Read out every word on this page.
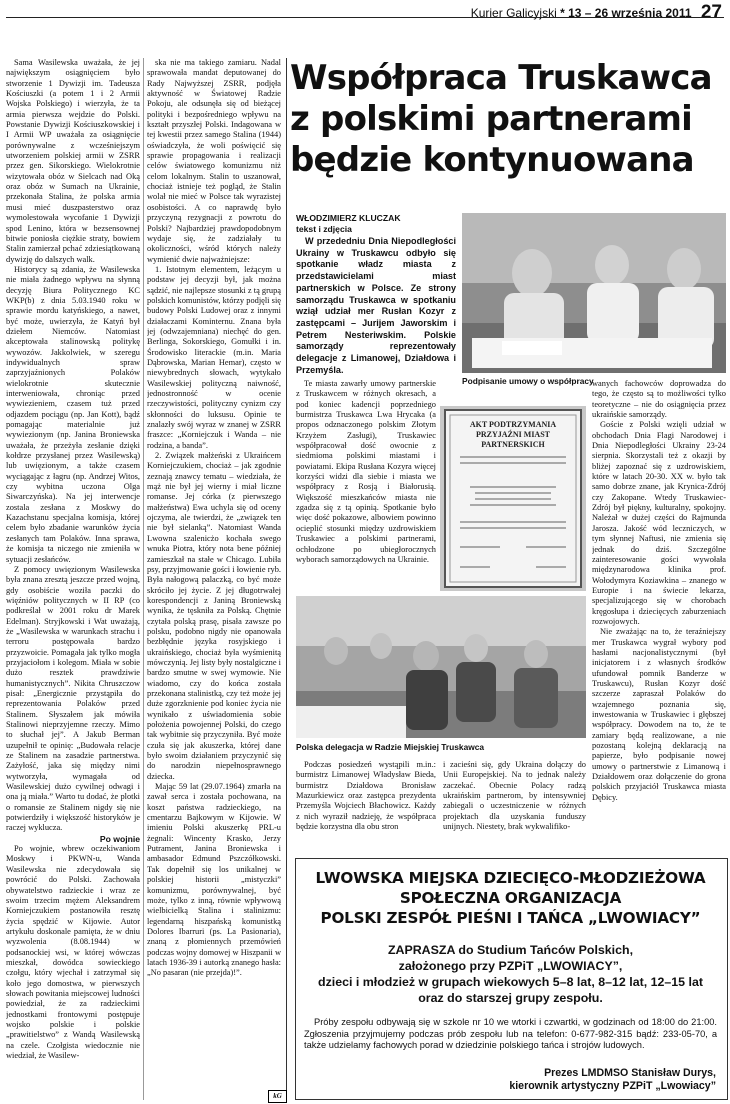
Kurier Galicyjski * 13 – 26 września 2011 27

Sama Wasilewska uważała, że jej największym osiągnięciem było stworzenie 1 Dywizji im. Tadeusza Kościuszki (a potem 1 i 2 Armii Wojska Polskiego) i wierzyła, że ta armia pierwsza wejdzie do Polski. Powstanie Dywizji Kościuszkowskiej i I Armii WP uważała za osiągnięcie porównywalne z wcześniejszym utworzeniem polskiej armii w ZSRR przez gen. Sikorskiego. Wielokrotnie wizytowała obóz w Sielcach nad Oką oraz obóz w Sumach na Ukrainie, przekonała Stalina, że polska armia musi mieć duszpasterstwo oraz wymolestowała wycofanie 1 Dywizji spod Lenino, która w bezsensownej bitwie poniosła ciężkie straty, bowiem Stalin zamierzał pchać zdziesiątkowaną dywizję do dalszych walk.

Historycy są zdania, że Wasilewska nie miała żadnego wpływu na słynną decyzję Biura Politycznego KC WKP(b) z dnia 5.03.1940 roku w sprawie mordu katyńskiego, a nawet, być może, uwierzyła, że Katyń był dziełem Niemców. Natomiast akceptowała stalinowską politykę wywozów. Jakkolwiek, w szeregu indywidualnych spraw zaprzyjaźnionych Polaków wielokrotnie skutecznie interweniowała, chroniąc przed wywiezieniem, czasem tuż przed odjazdem pociągu (np. Jan Kott), bądź pomagając materialnie już wywiezionym (np. Janina Broniewska uważała, że przeżyła zesłanie dzięki kołdrze przysłanej przez Wasilewską) lub uwięzionym, a także czasem wyciągając z łagru (np. Andrzej Witos, czy wybitna uczona Olga Siwarczyńska). Na jej interwencje zostala zesłana z Moskwy do Kazachstanu specjalna komisja, której celem było zbadanie warunków życia zesłanych tam Polaków. Inna sprawa, że komisja ta niczego nie zmieniła w sytuacji zesłańców.

Z pomocy uwięzionym Wasilewska była znana zresztą jeszcze przed wojną, gdy osobiście woziła paczki do więźniów politycznych w II RP (co podkreślał w 2001 roku dr Marek Edelman). Stryjkowski i Wat uważają, że „Wasilewska w warunkach strachu i terroru postępowała bardzo przyzwoicie. Pomagała jak tylko mogła przyjaciołom i kolegom. Miała w sobie dużo resztek prawdziwie humanistycznych”. Nikita Chruszczow pisał: „Energicznie przystąpiła do reprezentowania Polaków przed Stalinem. Słyszałem jak mówiła Stalinowi nieprzyjemne rzeczy. Mimo to słuchał jej”. A Jakub Berman uzupełnił te opinię: „Budowała relacje ze Stalinem na zasadzie partnerstwa. Zażyłość, jaka się między nimi wytworzyła, wymagała od Wasilewskiej dużo cywilnej odwagi i ona ją miała.” Warto tu dodać, że plotki o romansie ze Stalinem nigdy się nie potwierdziły i większość historyków je raczej wyklucza.

Po wojnie

Po wojnie, wbrew oczekiwaniom Moskwy i PKWN-u, Wanda Wasilewska nie zdecydowała się powrócić do Polski. Zachowała obywatelstwo radzieckie i wraz ze swoim trzecim mężem Aleksandrem Korniejczukiem postanowiła resztę życia spędzić w Kijowie. Autor artykułu doskonale pamięta, że w dniu wyzwolenia (8.08.1944) w podsanockiej wsi, w której wówczas mieszkał, dowódca sowieckiego czołgu, który wjechał i zatrzymał się koło jego domostwa, w pierwszych słowach powitania miejscowej ludności powiedział, że za radzieckimi jednostkami frontowymi postępuje wojsko polskie i polskie „prawitielstwo” z Wandą Wasilewską na czele. Czołgista wiedocznie nie wiedział, że Wasilew-

ska nie ma takiego zamiaru. Nadal sprawowała mandat deputowanej do Rady Najwyższej ZSRR, podjęła aktywność w Światowej Radzie Pokoju, ale odsunęła się od bieżącej polityki i bezpośredniego wpływu na kształt przyszłej Polski. Indagowana w tej kwestii przez samego Stalina (1944) oświadczyła, że woli poświęcić się sprawie propagowania i realizacji celów światowego komunizmu niż celom lokalnym. Stalin to uszanował, chociaż istnieje też pogląd, że Stalin wolał nie mieć w Polsce tak wyrazistej osobistości. A co naprawdę było przyczyną rezygnacji z powrotu do Polski? Najbardziej prawdopodobnym wydaje się, że zadziałały tu okoliczności, wśród których należy wymienić dwie najważniejsze:

1. Istotnym elementem, leżącym u podstaw jej decyzji był, jak można sądzić, nie najlepsze stosunki z tą grupą polskich komunistów, którzy podjęli się budowy Polski Ludowej oraz z innymi działaczami Kominternu. Znana była jej (odwzajemniana) niechęć do gen. Berlinga, Sokorskiego, Gomułki i in. Środowisko literackie (m.in. Maria Dąbrowska, Marian Hemar), często w niewybrednych słowach, wytykało Wasilewskiej polityczną naiwność, jednostronność w ocenie rzeczywistości, polityczny cynizm czy skłonności do luksusu. Opinie te znalazły swój wyraz w znanej w ZSRR fraszce: „Korniejczuk i Wanda – nie rodzina, a banda”.

2. Związek małżeński z Ukraińcem Korniejczukiem, chociaż – jak zgodnie zeznają znawcy tematu – wiedziała, że mąż nie był jej wierny i miał liczne romanse. Jej córka (z pierwszego małżeństwa) Ewa uchyla się od oceny ojczyma, ale twierdzi, że „związek ten nie był sielanką”. Natomiast Wanda Lwowna szalenicżo kochała swego wnuka Piotra, który nota bene później zamieszkał na stałe w Chicago. Lubiła psy, przyjmowanie gości i łowienie ryb. Była nałogową palaczką, co być może skróciło jej życie. Z jej długotrwałej korespondencji z Janiną Broniewską wynika, że tęskniła za Polską. Chętnie czytała polską prasę, pisała zawsze po polsku, podobno nigdy nie opanowała bezbłędnie języka rosyjskiego i ukraińskiego, chociaż była wyśmienitą mówczynią. Jej listy były nostalgiczne i bardzo smutne w swej wymowie. Nie wiadomo, czy do końca została przekonana stalinistką, czy też może jej duże zgorzknienie pod koniec życia nie wynikało z uświadomienia sobie położenia powojennej Polski, do czego tak wybitnie się przyczyniła. Być może czuła się jak akuszerka, której dane było swoim działaniem przyczynić się do narodzin niepełnosprawnego dziecka.

Mając 59 lat (29.07.1964) zmarła na zawał serca i została pochowana, na koszt państwa radzieckiego, na cmentarzu Bajkowym w Kijowie. W imieniu Polski akuszerkę PRL-u żegnali: Wincenty Krasko, Jerzy Putrament, Janina Broniewska i ambasador Edmund Pszczółkowski. Tak dopełnił się los unikalnej w polskiej historii „mistyczki” komunizmu, porównywalnej, być może, tylko z inną, równie wpływową wielbicielką Stalina i stalinizmu: legendarną hiszpańską komunistką Dolores Ibarruri (ps. La Pasionaria), znaną z płomiennych przemówień podczas wojny domowej w Hiszpanii w latach 1936-39 i autorką znanego hasła: „No pasaran (nie przejda)!”.

Współpraca Truskawca z polskimi partnerami będzie kontynuowana
WŁODZIMIERZ KLUCZAK
tekst i zdjęcia

W przededniu Dnia Niepodległości Ukrainy w Truskawcu odbyło się spotkanie władz miasta z przedstawicielami miast partnerskich w Polsce. Ze strony samorządu Truskawca w spotkaniu wziął udział mer Rusłan Kozyr z zastępcami – Jurijem Jaworskim i Petrem Nesteriwskim. Polskie samorządy reprezentowały delegacje z Limanowej, Działdowa i Przemyśla.

Podpisanie umowy o współpracy

Te miasta zawarły umowy partnerskie z Truskawcem w różnych okresach, a pod koniec kadencji poprzedniego burmistrza Truskawca Lwa Hrycaka (a propos odznaczonego polskim Złotym Krzyżem Zasługi), Truskawiec współpracował dość owocnie z siedmioma polskimi miastami i powiatami. Ekipa Rusłana Kozyra więcej korzyści widzi dla siebie i miasta we współpracy z Rosją i Białorusią. Większość mieszkańców miasta nie zgadza się z tą opinią. Spotkanie było więc dość pokazowe, albowiem powinno ocieplić stosunki między uzdrowiskiem Truskawiec a polskimi partnerami, ochłodzone po ubiegłorocznych wyborach samorządowych na Ukrainie.

AKT PODTRZYMANIA PRZYJAŹNI MIAST PARTNERSKICH

wanych fachowców doprowadza do tego, że często są to możliwości tylko teoretyczne – nie do osiągnięcia przez ukraińskie samorządy.

Goście z Polski wzięli udział w obchodach Dnia Flagi Narodowej i Dnia Niepodległości Ukrainy 23-24 sierpnia. Skorzystali też z okazji by bliżej zapoznać się z uzdrowiskiem, które w latach 20-30. XX w. było tak samo dobrze znane, jak Krynica-Zdrój czy Zakopane. Wtedy Truskawiec-Zdrój był piękny, kulturalny, spokojny. Należał w dużej części do Rajmunda Jarosza. Jakość wód leczniczych, w tym słynnej Naftusi, nie zmienia się jednak do dziś. Szczególne zainteresowanie gości wywołała międzynarodowa klinika prof. Wołodymyra Koziawkina – znanego w Europie i na świecie lekarza, specjalizującego się w chorobach kręgosłupa i dziecięcych zaburzeniach rozwojowych.

Nie zważając na to, że teraźniejszy mer Truskawca wygrał wybory pod hasłami nacjonalistycznymi (był inicjatorem i z własnych środków ufundował pomnik Banderze w Truskawcu), Rusłan Kozyr dość szczerze zapraszał Polaków do wzajemnego poznania się, inwestowania w Truskawiec i głębszej współpracy. Dowodem na to, że te zamiary będą realizowane, a nie pozostaną kolejną deklaracją na papierze, było podpisanie nowej umowy o partnerstwie z Limanową i Działdowem oraz dołączenie do grona polskich przyjaciół Truskawca miasta Dębicy.

Polska delegacja w Radzie Miejskiej Truskawca

Podczas posiedzeń wystąpili m.in.: burmistrz Limanowej Władysław Bieda, burmistrz Działdowa Bronisław Mazurkiewicz oraz zastępca prezydenta Przemyśla Wojciech Błachowicz. Każdy z nich wyraził nadzieję, że współpraca będzie korzystna dla obu stron

i zacieśni się, gdy Ukraina dołączy do Unii Europejskiej. Na to jednak należy zaczekać. Obecnie Polacy radzą ukraińskim partnerom, by intensywniej zabiegali o uczestniczenie w różnych projektach dla uzyskania funduszy unijnych. Niestety, brak wykwalifiko-

LWOWSKA MIEJSKA DZIECIĘCO-MŁODZIEŻOWA
SPOŁECZNA ORGANIZACJA
POLSKI ZESPÓŁ PIEŚNI I TAŃCA „LWOWIACY”
ZAPRASZA do Studium Tańców Polskich,
założonego przy PZPiT „LWOWIACY”,
dzieci i młodzież w grupach wiekowych 5–8 lat, 8–12 lat, 12–15 lat
oraz do starszej grupy zespołu.

Próby zespołu odbywają się w szkole nr 10 we wtorki i czwartki, w godzinach od 18:00 do 21:00. Zgłoszenia przyjmujemy podczas prób zespołu lub na telefon: 0-677-982-315 bądź: 233-05-70, a także udzielamy fachowych porad w dziedzinie polskiego tańca i strojów ludowych.

Prezes LMDMSO Stanisław Durys,
kierownik artystyczny PZPiT „Lwowiacy”
kG
